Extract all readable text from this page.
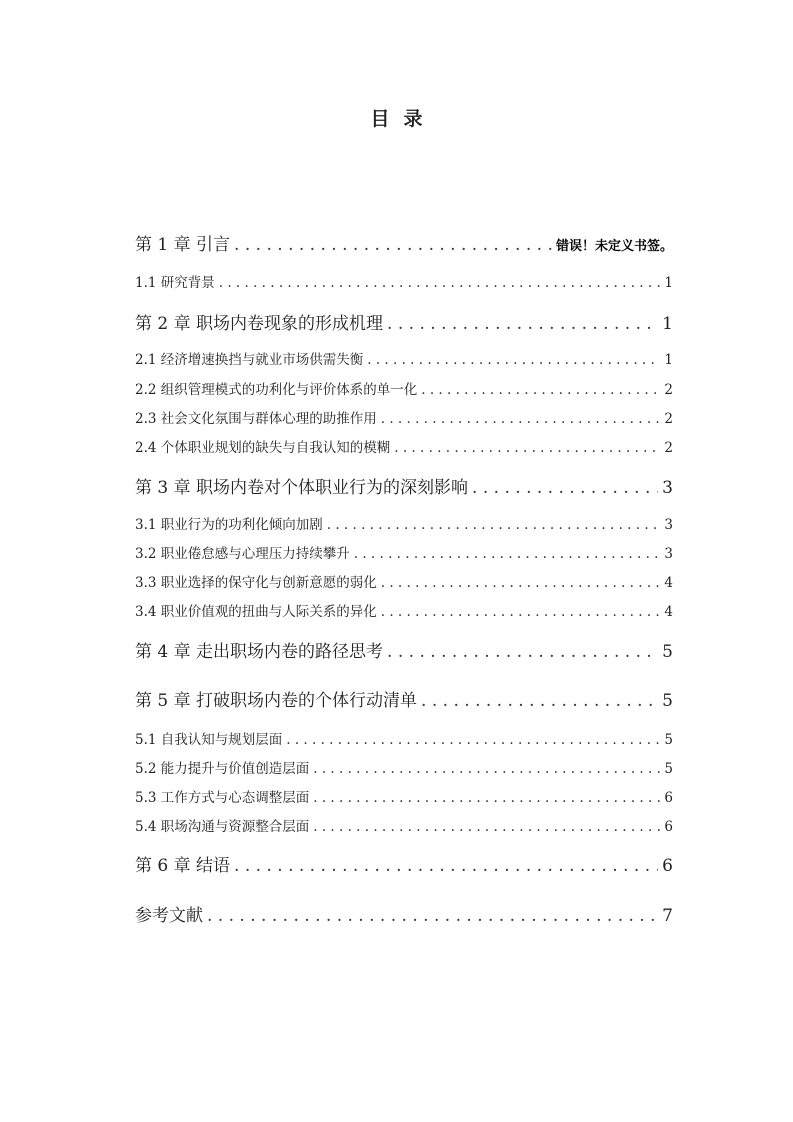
目录
第 1 章 引言 . . .	错误！未定义书签。
1.1 研究背景 . . .	1
第 2 章 职场内卷现象的形成机理 . . .	1
2.1 经济增速换挡与就业市场供需失衡 . . .	1
2.2 组织管理模式的功利化与评价体系的单一化 . . .	2
2.3 社会文化氛围与群体心理的助推作用 . . .	2
2.4 个体职业规划的缺失与自我认知的模糊 . . .	2
第 3 章 职场内卷对个体职业行为的深刻影响 . . .	3
3.1 职业行为的功利化倾向加剧 . . .	3
3.2 职业倦怠感与心理压力持续攀升 . . .	3
3.3 职业选择的保守化与创新意愿的弱化 . . .	4
3.4 职业价值观的扭曲与人际关系的异化 . . .	4
第 4 章 走出职场内卷的路径思考 . . .	5
第 5 章 打破职场内卷的个体行动清单 . . .	5
5.1 自我认知与规划层面 . . .	5
5.2 能力提升与价值创造层面 . . .	5
5.3 工作方式与心态调整层面 . . .	6
5.4 职场沟通与资源整合层面 . . .	6
第 6 章 结语 . . .	6
参考文献 . . .	7
